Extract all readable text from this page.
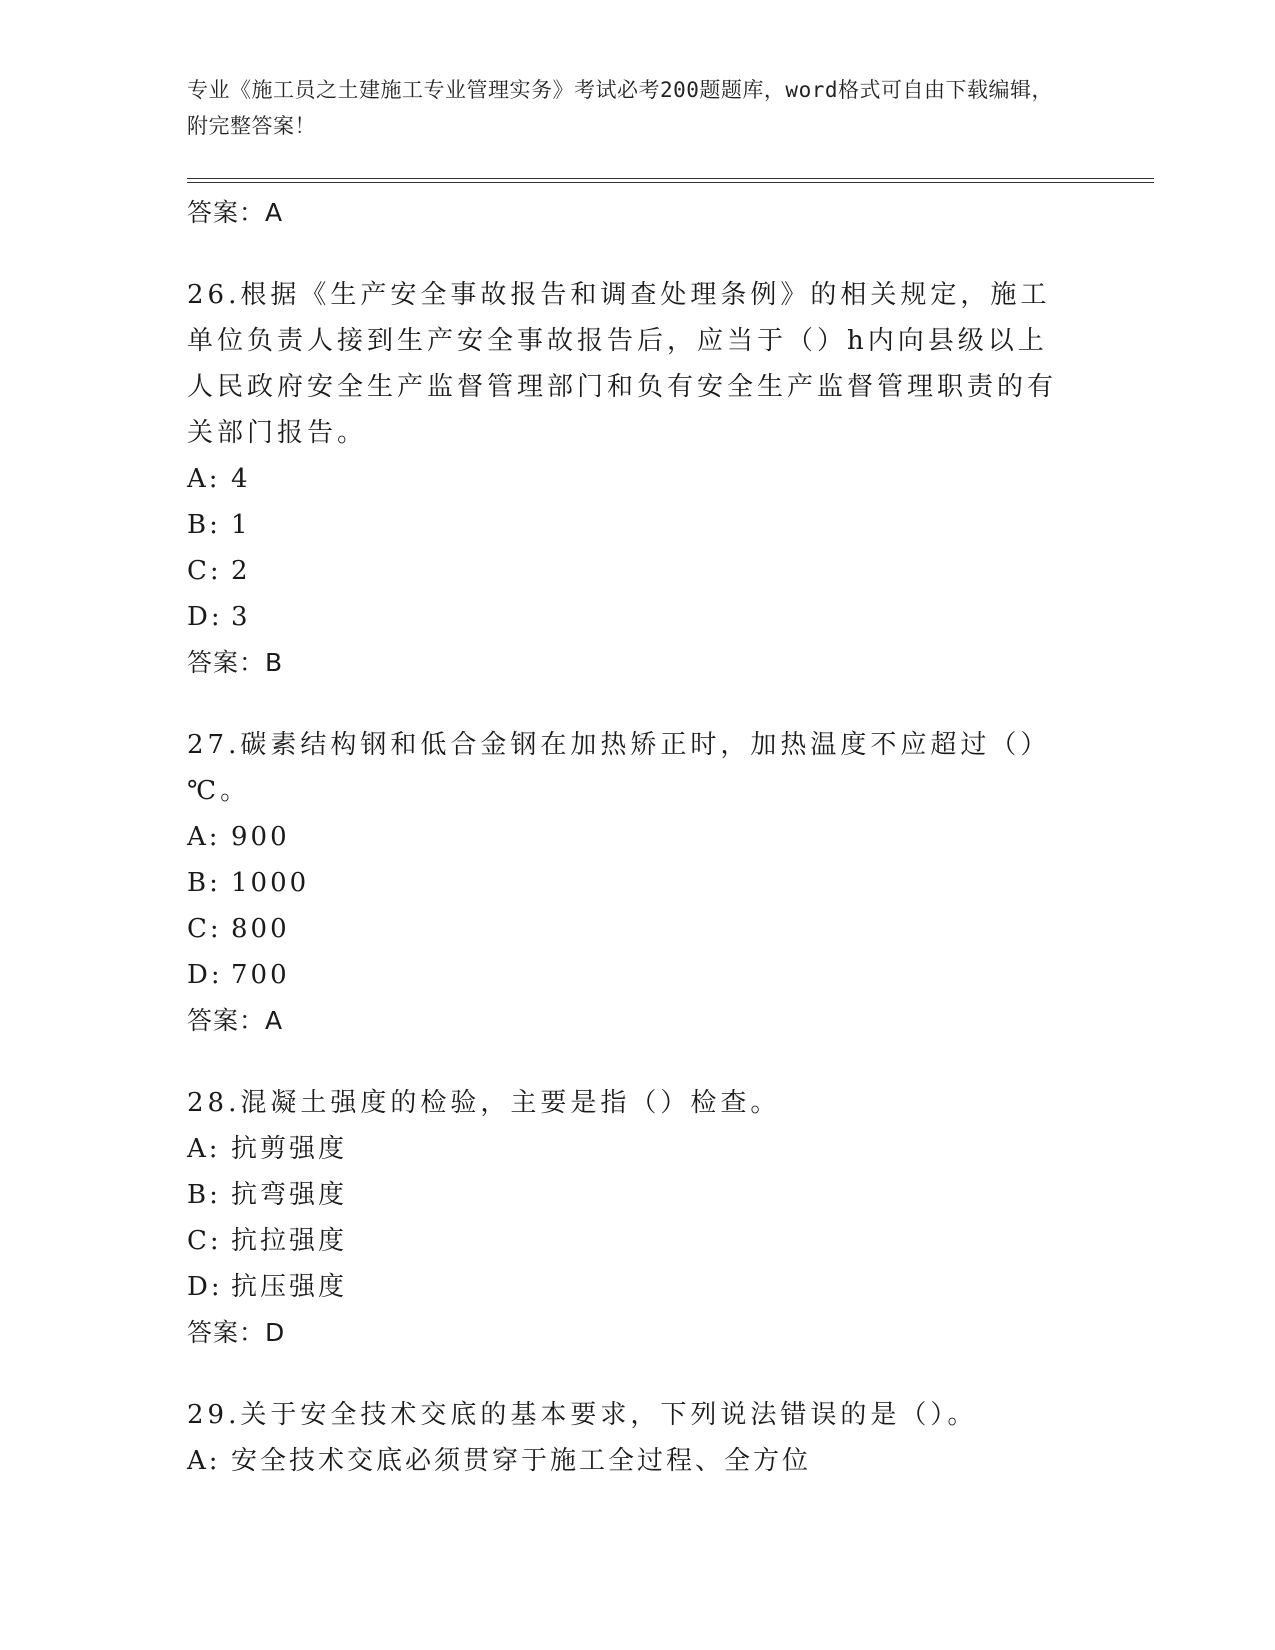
专业《施工员之土建施工专业管理实务》考试必考200题题库，word格式可自由下载编辑，附完整答案！
答案：A
26.根据《生产安全事故报告和调查处理条例》的相关规定，施工单位负责人接到生产安全事故报告后，应当于（）h内向县级以上人民政府安全生产监督管理部门和负有安全生产监督管理职责的有关部门报告。
A: 4
B: 1
C: 2
D: 3
答案：B
27.碳素结构钢和低合金钢在加热矫正时，加热温度不应超过（）℃。
A: 900
B: 1000
C: 800
D: 700
答案：A
28.混凝土强度的检验，主要是指（）检查。
A: 抗剪强度
B: 抗弯强度
C: 抗拉强度
D: 抗压强度
答案：D
29.关于安全技术交底的基本要求，下列说法错误的是（）。
A: 安全技术交底必须贯穿于施工全过程、全方位
